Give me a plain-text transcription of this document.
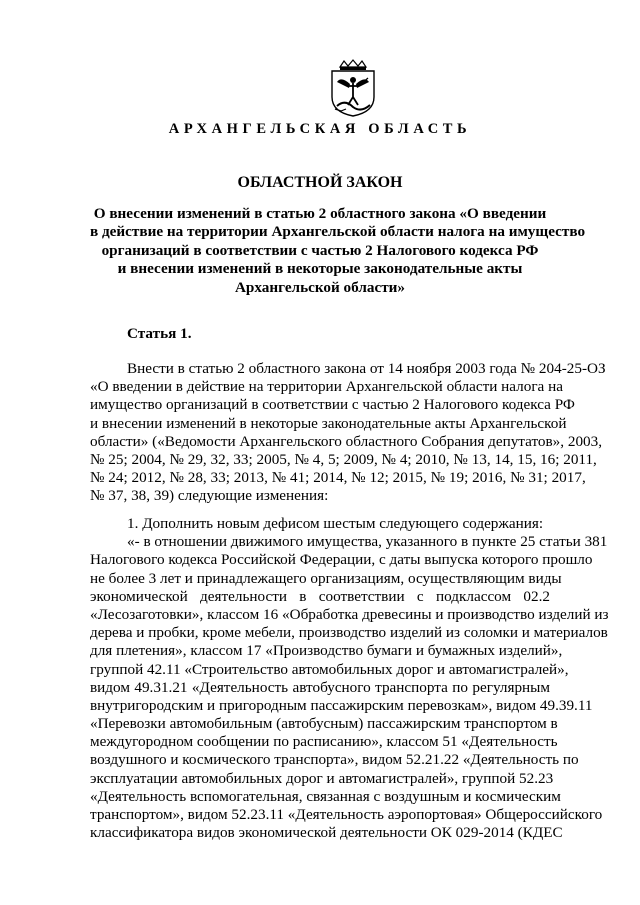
АРХАНГЕЛЬСКАЯ ОБЛАСТЬ
ОБЛАСТНОЙ ЗАКОН
О внесении изменений в статью 2 областного закона «О введении
в действие на территории Архангельской области налога на имущество
организаций в соответствии с частью 2 Налогового кодекса РФ
и внесении изменений в некоторые законодательные акты
Архангельской области»
Статья 1.
Внести в статью 2 областного закона от 14 ноября 2003 года № 204-25-ОЗ
«О введении в действие на территории Архангельской области налога на
имущество организаций в соответствии с частью 2 Налогового кодекса РФ
и внесении изменений в некоторые законодательные акты Архангельской
области» («Ведомости Архангельского областного Собрания депутатов», 2003,
№ 25; 2004, № 29, 32, 33; 2005, № 4, 5; 2009, № 4; 2010, № 13, 14, 15, 16; 2011,
№ 24; 2012, № 28, 33; 2013, № 41; 2014, № 12; 2015, № 19; 2016, № 31; 2017,
№ 37, 38, 39) следующие изменения:
1. Дополнить новым дефисом шестым следующего содержания:
«- в отношении движимого имущества, указанного в пункте 25 статьи 381
Налогового кодекса Российской Федерации, с даты выпуска которого прошло
не более 3 лет и принадлежащего организациям, осуществляющим виды
экономической деятельности в соответствии с подклассом 02.2
«Лесозаготовки», классом 16 «Обработка древесины и производство изделий из
дерева и пробки, кроме мебели, производство изделий из соломки и материалов
для плетения», классом 17 «Производство бумаги и бумажных изделий»,
группой 42.11 «Строительство автомобильных дорог и автомагистралей»,
видом 49.31.21 «Деятельность автобусного транспорта по регулярным
внутригородским и пригородным пассажирским перевозкам», видом 49.39.11
«Перевозки автомобильным (автобусным) пассажирским транспортом в
междугородном сообщении по расписанию», классом 51 «Деятельность
воздушного и космического транспорта», видом 52.21.22 «Деятельность по
эксплуатации автомобильных дорог и автомагистралей», группой 52.23
«Деятельность вспомогательная, связанная с воздушным и космическим
транспортом», видом 52.23.11 «Деятельность аэропортовая» Общероссийского
классификатора видов экономической деятельности ОК 029-2014 (КДЕС
